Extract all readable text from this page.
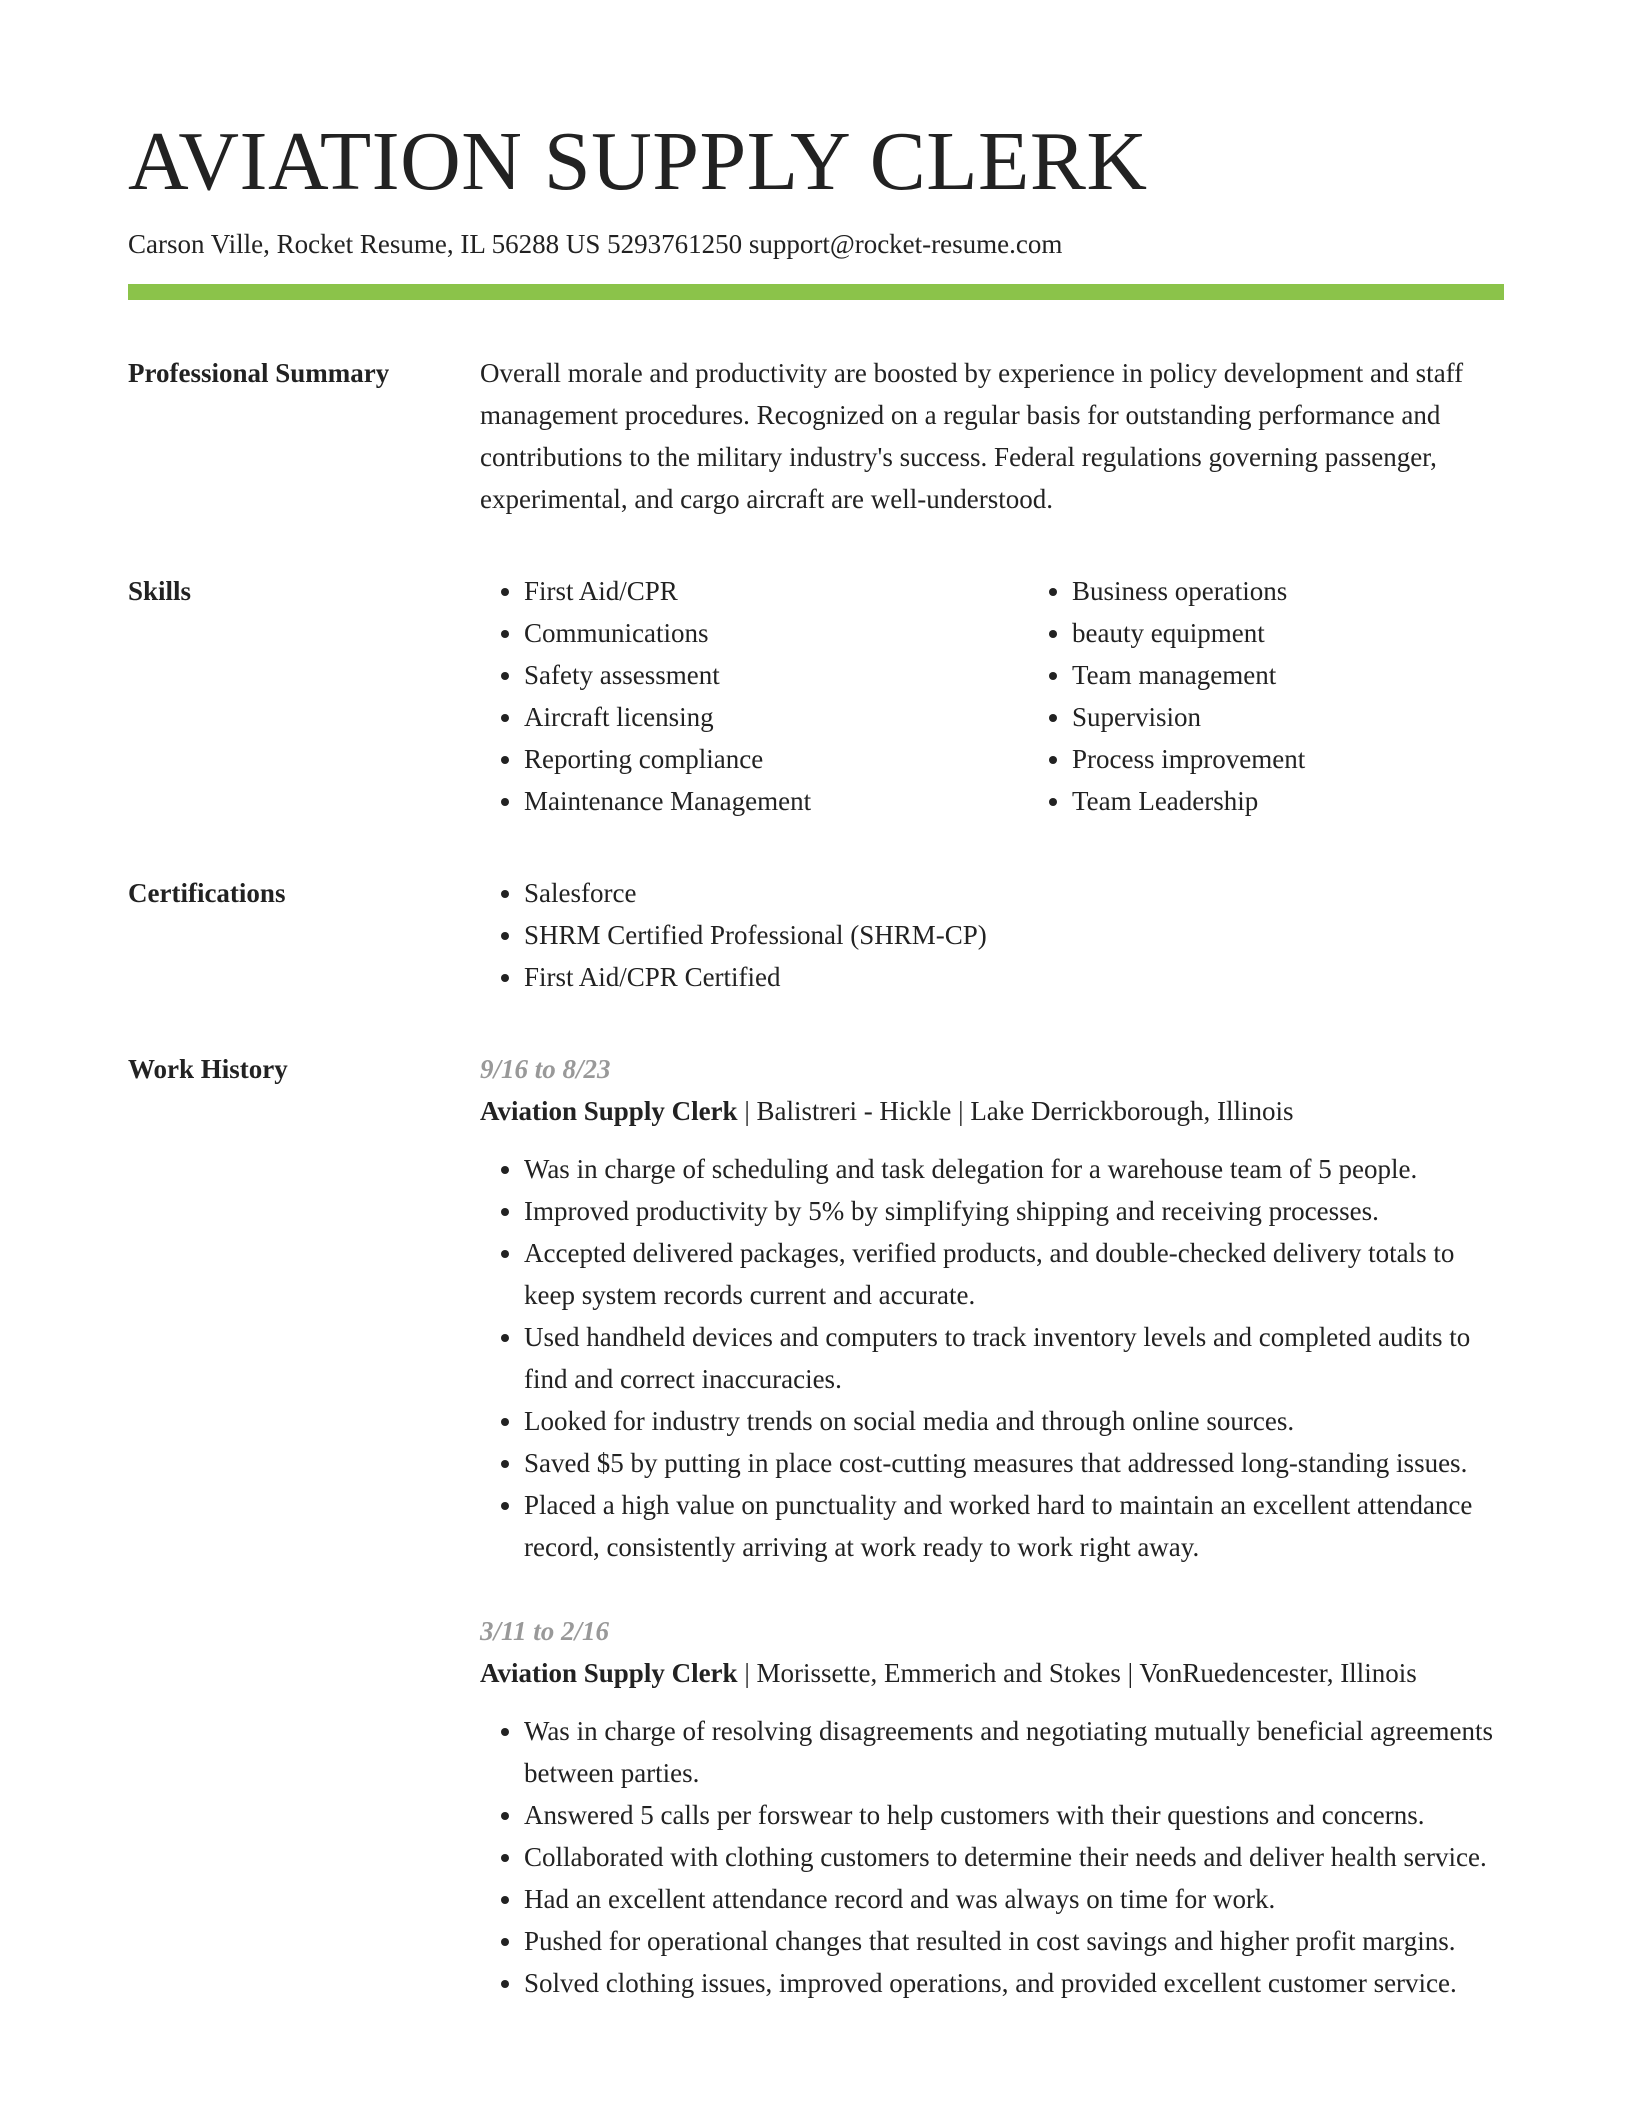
AVIATION SUPPLY CLERK
Carson Ville, Rocket Resume, IL 56288 US 5293761250 support@rocket-resume.com
Professional Summary	Overall morale and productivity are boosted by experience in policy development and staff management procedures. Recognized on a regular basis for outstanding performance and contributions to the military industry's success. Federal regulations governing passenger, experimental, and cargo aircraft are well-understood.

Skills	• First Aid/CPR
• Communications
• Safety assessment
• Aircraft licensing
• Reporting compliance
• Maintenance Management
• Business operations
• beauty equipment
• Team management
• Supervision
• Process improvement
• Team Leadership
Certifications	• Salesforce
• SHRM Certified Professional (SHRM-CP)
• First Aid/CPR Certified
Work History	9/16 to 8/23
Aviation Supply Clerk | Balistreri - Hickle | Lake Derrickborough, Illinois
• Was in charge of scheduling and task delegation for a warehouse team of 5 people.
• Improved productivity by 5% by simplifying shipping and receiving processes.
• Accepted delivered packages, verified products, and double-checked delivery totals to keep system records current and accurate.
• Used handheld devices and computers to track inventory levels and completed audits to find and correct inaccuracies.
• Looked for industry trends on social media and through online sources.
• Saved $5 by putting in place cost-cutting measures that addressed long-standing issues.
• Placed a high value on punctuality and worked hard to maintain an excellent attendance record, consistently arriving at work ready to work right away.
3/11 to 2/16
Aviation Supply Clerk | Morissette, Emmerich and Stokes | VonRuedencester, Illinois
• Was in charge of resolving disagreements and negotiating mutually beneficial agreements between parties.
• Answered 5 calls per forswear to help customers with their questions and concerns.
• Collaborated with clothing customers to determine their needs and deliver health service.
• Had an excellent attendance record and was always on time for work.
• Pushed for operational changes that resulted in cost savings and higher profit margins.
• Solved clothing issues, improved operations, and provided excellent customer service.
